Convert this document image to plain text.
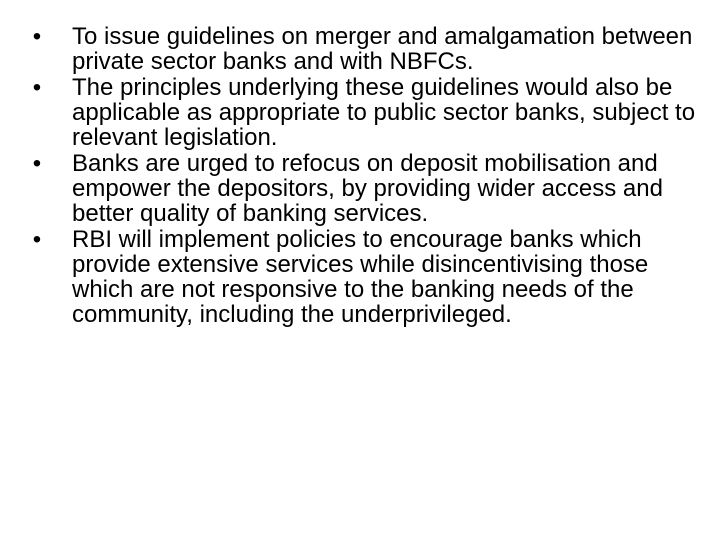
• To issue guidelines on merger and amalgamation between private sector banks and with NBFCs.
• The principles underlying these guidelines would also be applicable as appropriate to public sector banks, subject to relevant legislation.
• Banks are urged to refocus on deposit mobilisation and empower the depositors, by providing wider access and better quality of banking services.
• RBI will implement policies to encourage banks which provide extensive services while disincentivising those which are not responsive to the banking needs of the community, including the underprivileged.
